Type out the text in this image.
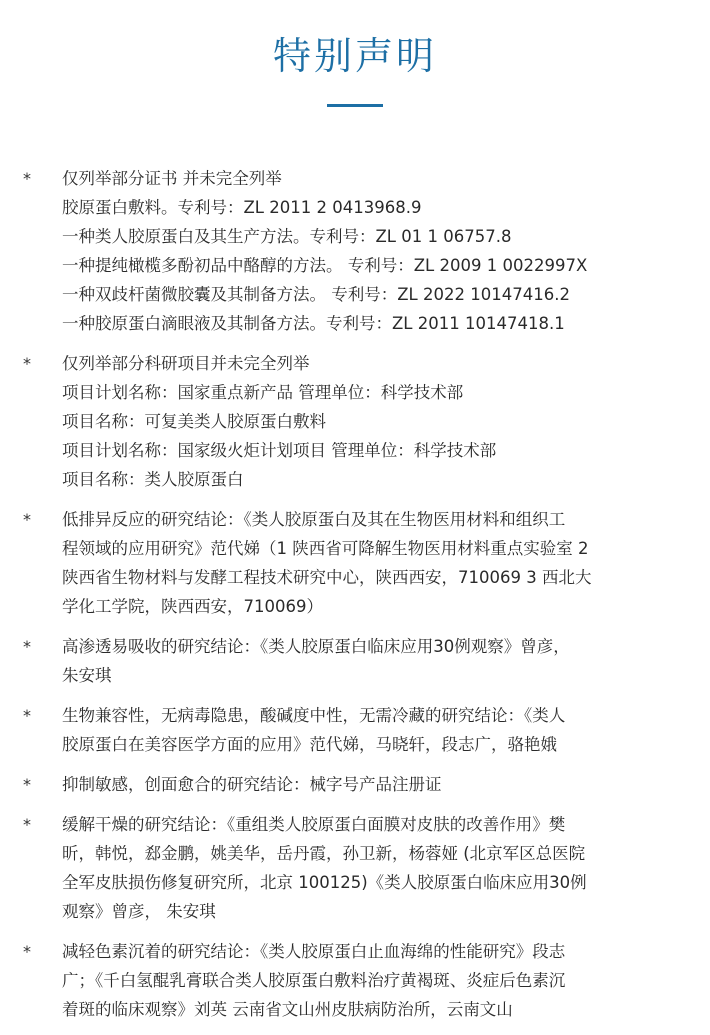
特别声明
* 仅列举部分证书 并未完全列举
胶原蛋白敷料。专利号：ZL 2011 2 0413968.9
一种类人胶原蛋白及其生产方法。专利号：ZL 01 1 06757.8
一种提纯橄榄多酚初品中酪醇的方法。 专利号：ZL 2009 1 0022997X
一种双歧杆菌微胶囊及其制备方法。 专利号：ZL 2022 10147416.2
一种胶原蛋白滴眼液及其制备方法。专利号：ZL 2011 10147418.1
* 仅列举部分科研项目并未完全列举
项目计划名称：国家重点新产品 管理单位：科学技术部
项目名称：可复美类人胶原蛋白敷料
项目计划名称：国家级火炬计划项目 管理单位：科学技术部
项目名称：类人胶原蛋白
* 低排异反应的研究结论：《类人胶原蛋白及其在生物医用材料和组织工
程领域的应用研究》范代娣（1 陕西省可降解生物医用材料重点实验室 2
陕西省生物材料与发酵工程技术研究中心，陕西西安，710069 3 西北大
学化工学院，陕西西安，710069）
* 高渗透易吸收的研究结论：《类人胶原蛋白临床应用30例观察》曾彦，
朱安琪
* 生物兼容性，无病毒隐患，酸碱度中性，无需冷藏的研究结论：《类人
胶原蛋白在美容医学方面的应用》范代娣，马晓轩，段志广，骆艳娥
* 抑制敏感，创面愈合的研究结论：械字号产品注册证
* 缓解干燥的研究结论：《重组类人胶原蛋白面膜对皮肤的改善作用》樊
昕，韩悦，郄金鹏，姚美华，岳丹霞，孙卫新，杨蓉娅 (北京军区总医院
全军皮肤损伤修复研究所，北京 100125)《类人胶原蛋白临床应用30例
观察》曾彦， 朱安琪
* 减轻色素沉着的研究结论：《类人胶原蛋白止血海绵的性能研究》段志
广；《千白氢醌乳膏联合类人胶原蛋白敷料治疗黄褐斑、炎症后色素沉
着斑的临床观察》刘英 云南省文山州皮肤病防治所，云南文山
